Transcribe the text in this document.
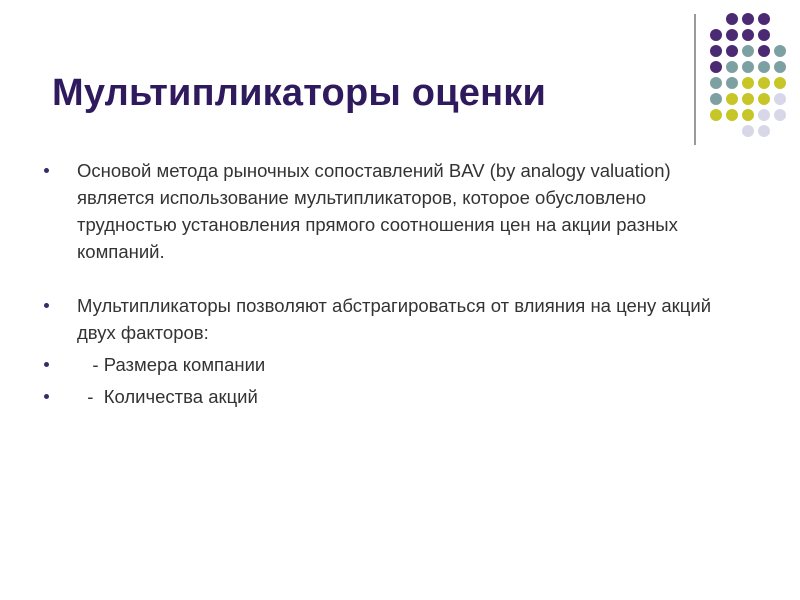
Мультипликаторы оценки
Основой метода рыночных сопоставлений BAV (by analogy valuation) является использование мультипликаторов, которое обусловлено трудностью установления прямого соотношения цен на акции разных компаний.
Мультипликаторы позволяют абстрагироваться от влияния на цену акций двух факторов:
- Размера компании
-  Количества акций
